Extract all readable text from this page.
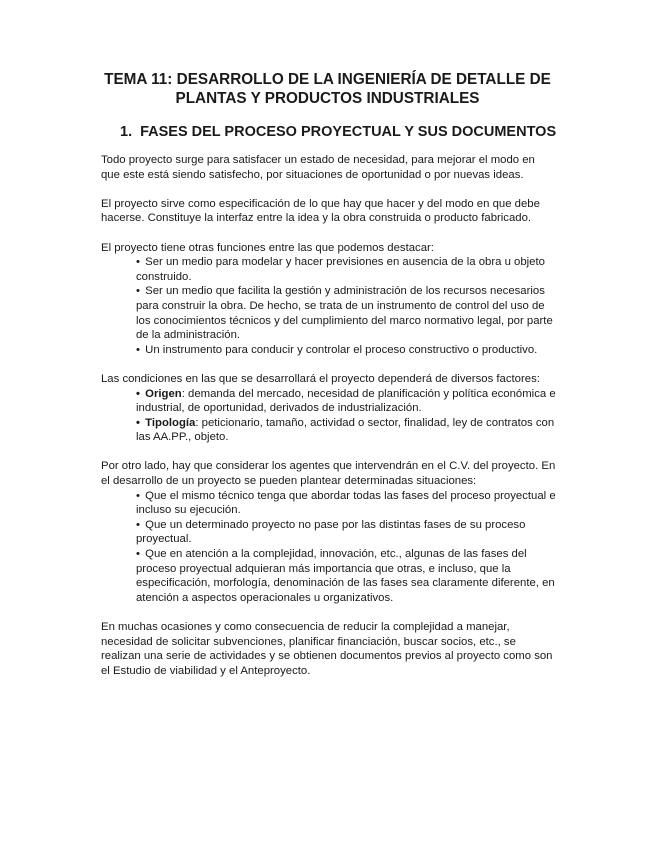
TEMA 11: DESARROLLO DE LA INGENIERÍA DE DETALLE DE
PLANTAS Y PRODUCTOS INDUSTRIALES
1. FASES DEL PROCESO PROYECTUAL Y SUS DOCUMENTOS

Todo proyecto surge para satisfacer un estado de necesidad, para mejorar el modo en que este está siendo satisfecho, por situaciones de oportunidad o por nuevas ideas.

El proyecto sirve como especificación de lo que hay que hacer y del modo en que debe hacerse. Constituye la interfaz entre la idea y la obra construida o producto fabricado.

El proyecto tiene otras funciones entre las que podemos destacar:

• Ser un medio para modelar y hacer previsiones en ausencia de la obra u objeto construido.
• Ser un medio que facilita la gestión y administración de los recursos necesarios para construir la obra. De hecho, se trata de un instrumento de control del uso de los conocimientos técnicos y del cumplimiento del marco normativo legal, por parte de la administración.
• Un instrumento para conducir y controlar el proceso constructivo o productivo.

Las condiciones en las que se desarrollará el proyecto dependerá de diversos factores:

• Origen: demanda del mercado, necesidad de planificación y política económica e industrial, de oportunidad, derivados de industrialización.
• Tipología: peticionario, tamaño, actividad o sector, finalidad, ley de contratos con las AA.PP., objeto.

Por otro lado, hay que considerar los agentes que intervendrán en el C.V. del proyecto. En el desarrollo de un proyecto se pueden plantear determinadas situaciones:

• Que el mismo técnico tenga que abordar todas las fases del proceso proyectual e incluso su ejecución.
• Que un determinado proyecto no pase por las distintas fases de su proceso proyectual.
• Que en atención a la complejidad, innovación, etc., algunas de las fases del proceso proyectual adquieran más importancia que otras, e incluso, que la especificación, morfología, denominación de las fases sea claramente diferente, en atención a aspectos operacionales u organizativos.

En muchas ocasiones y como consecuencia de reducir la complejidad a manejar, necesidad de solicitar subvenciones, planificar financiación, buscar socios, etc., se realizan una serie de actividades y se obtienen documentos previos al proyecto como son el Estudio de viabilidad y el Anteproyecto.
